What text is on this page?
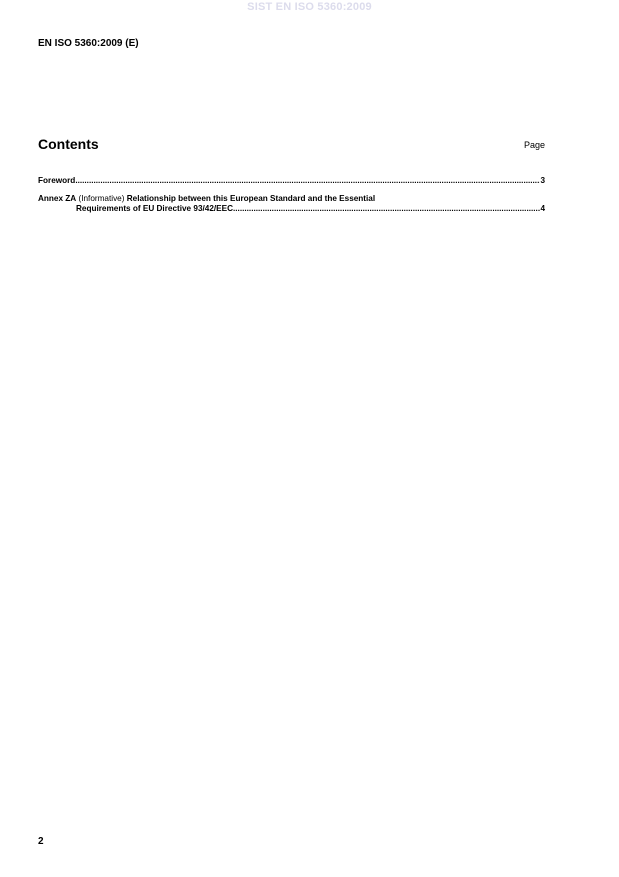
SIST EN ISO 5360:2009
EN ISO 5360:2009 (E)
Contents	Page
Foreword .....	3
Annex ZA (Informative) Relationship between this European Standard and the Essential
Requirements of EU Directive 93/42/EEC .....	4
2
